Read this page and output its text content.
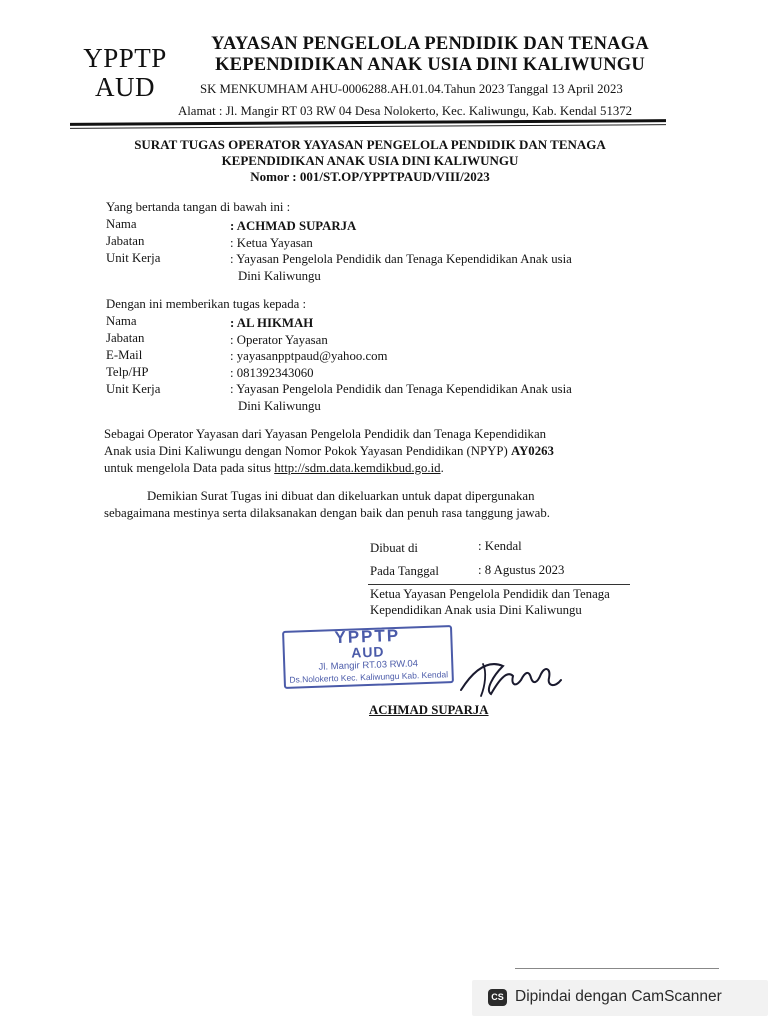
YPPTP
AUD
YAYASAN PENGELOLA PENDIDIK DAN TENAGA KEPENDIDIKAN ANAK USIA DINI KALIWUNGU
SK MENKUMHAM AHU-0006288.AH.01.04.Tahun 2023 Tanggal 13 April 2023
Alamat : Jl. Mangir RT 03 RW 04 Desa Nolokerto, Kec. Kaliwungu, Kab. Kendal 51372
SURAT TUGAS OPERATOR YAYASAN PENGELOLA PENDIDIK DAN TENAGA
KEPENDIDIKAN ANAK USIA DINI KALIWUNGU
Nomor : 001/ST.OP/YPPTPAUD/VIII/2023
Yang bertanda tangan di bawah ini :
Nama	: ACHMAD SUPARJA
Jabatan	: Ketua Yayasan
Unit Kerja	: Yayasan Pengelola Pendidik dan Tenaga Kependidikan Anak usia
Dini Kaliwungu
Dengan ini memberikan tugas kepada :
Nama	: AL HIKMAH
Jabatan	: Operator Yayasan
E-Mail	: yayasanpptpaud@yahoo.com
Telp/HP	: 081392343060
Unit Kerja	: Yayasan Pengelola Pendidik dan Tenaga Kependidikan Anak usia
Dini Kaliwungu
Sebagai Operator Yayasan dari Yayasan Pengelola Pendidik dan Tenaga Kependidikan
Anak usia Dini Kaliwungu dengan Nomor Pokok Yayasan Pendidikan (NPYP) AY0263
untuk mengelola Data pada situs http://sdm.data.kemdikbud.go.id.
Demikian Surat Tugas ini dibuat dan dikeluarkan untuk dapat dipergunakan
sebagaimana mestinya serta dilaksanakan dengan baik dan penuh rasa tanggung jawab.
Dibuat di	: Kendal
Pada Tanggal	: 8 Agustus 2023
Ketua Yayasan Pengelola Pendidik dan Tenaga
Kependidikan Anak usia Dini Kaliwungu
YPPTP
AUD
Jl. Mangir RT.03 RW.04
Ds.Nolokerto Kec. Kaliwungu Kab. Kendal
ACHMAD SUPARJA
CS Dipindai dengan CamScanner
